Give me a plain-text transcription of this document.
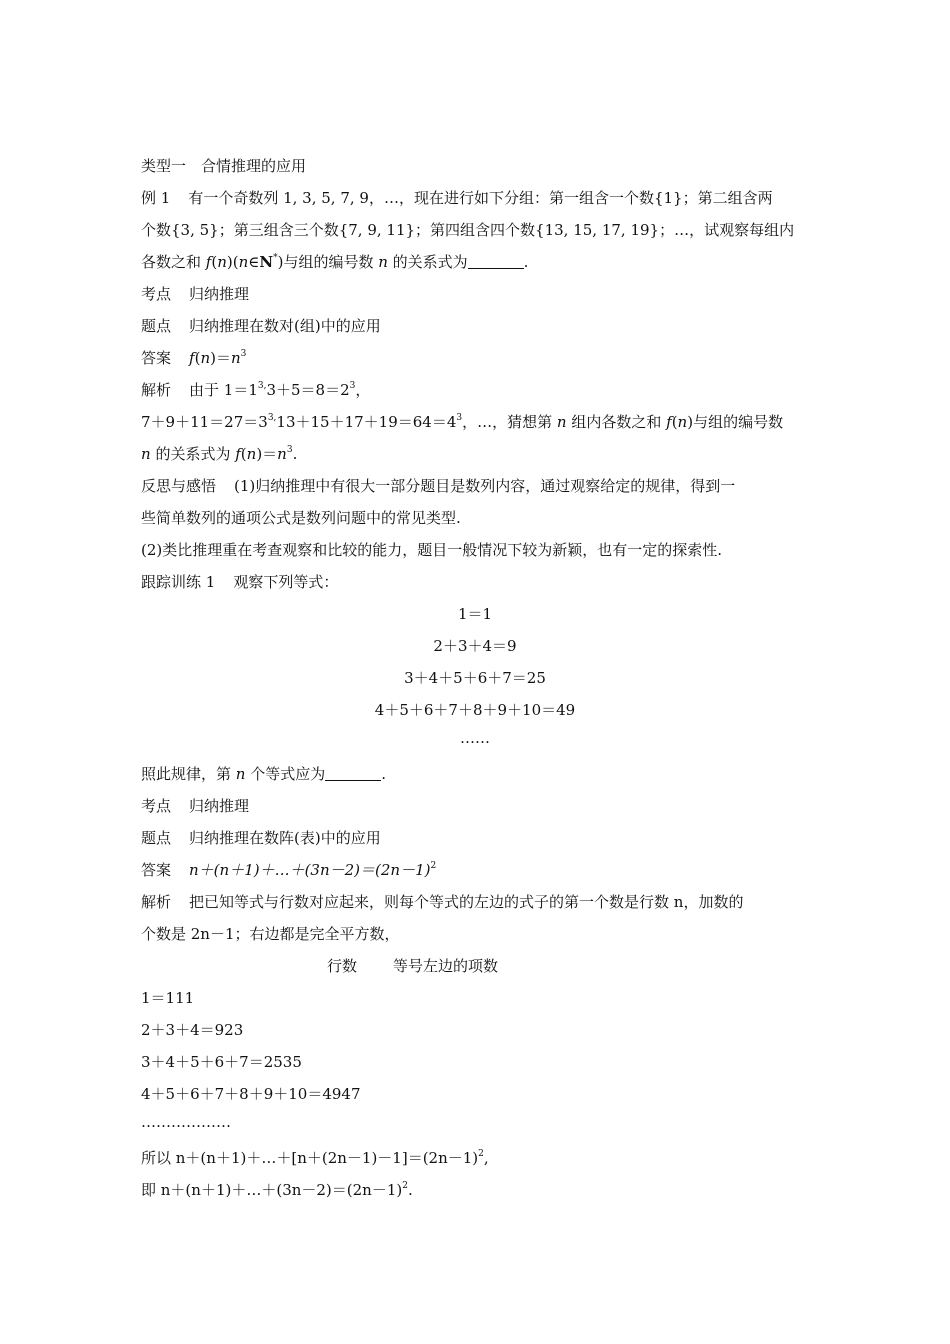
类型一　合情推理的应用
例 1 有一个奇数列 1, 3, 5, 7, 9，…，现在进行如下分组：第一组含一个数{1}；第二组含两
个数{3, 5}；第三组含三个数{7, 9, 11}；第四组含四个数{13, 15, 17, 19}；…，试观察每组内
各数之和 f(n)(n∈N*)与组的编号数 n 的关系式为	.
考点 归纳推理
题点 归纳推理在数对(组)中的应用
答案 $f(n)=n^3$
解析 由于 $1=1^{3,}3+5=8=2^3$，
$7+9+11=27=3^{3,}13+15+17+19=64=4^3$，…，猜想第 n 组内各数之和 f(n)与组的编号数
n 的关系式为 $f(n)=n^3$.
反思与感悟 (1)归纳推理中有很大一部分题目是数列内容，通过观察给定的规律，得到一
些简单数列的通项公式是数列问题中的常见类型.
(2)类比推理重在考查观察和比较的能力，题目一般情况下较为新颖，也有一定的探索性.
跟踪训练 1 观察下列等式：
1＝1
2＋3＋4＝9
3＋4＋5＋6＋7＝25
4＋5＋6＋7＋8＋9＋10＝49
……
照此规律，第 n 个等式应为	.
考点 归纳推理
题点 归纳推理在数阵(表)中的应用
答案 $n+(n+1)+\dots+(3n-2)=(2n-1)^2$
解析 把已知等式与行数对应起来，则每个等式的左边的式子的第一个数是行数 n，加数的
个数是 2n－1；右边都是完全平方数，
行数 等号左边的项数
1＝111
2＋3＋4＝923
3＋4＋5＋6＋7＝2535
4＋5＋6＋7＋8＋9＋10＝4947
………………
所以 $n+(n+1)+\dots+[n+(2n-1)-1]=(2n-1)^2$,
即 $n+(n+1)+\dots+(3n-2)=(2n-1)^2$.
